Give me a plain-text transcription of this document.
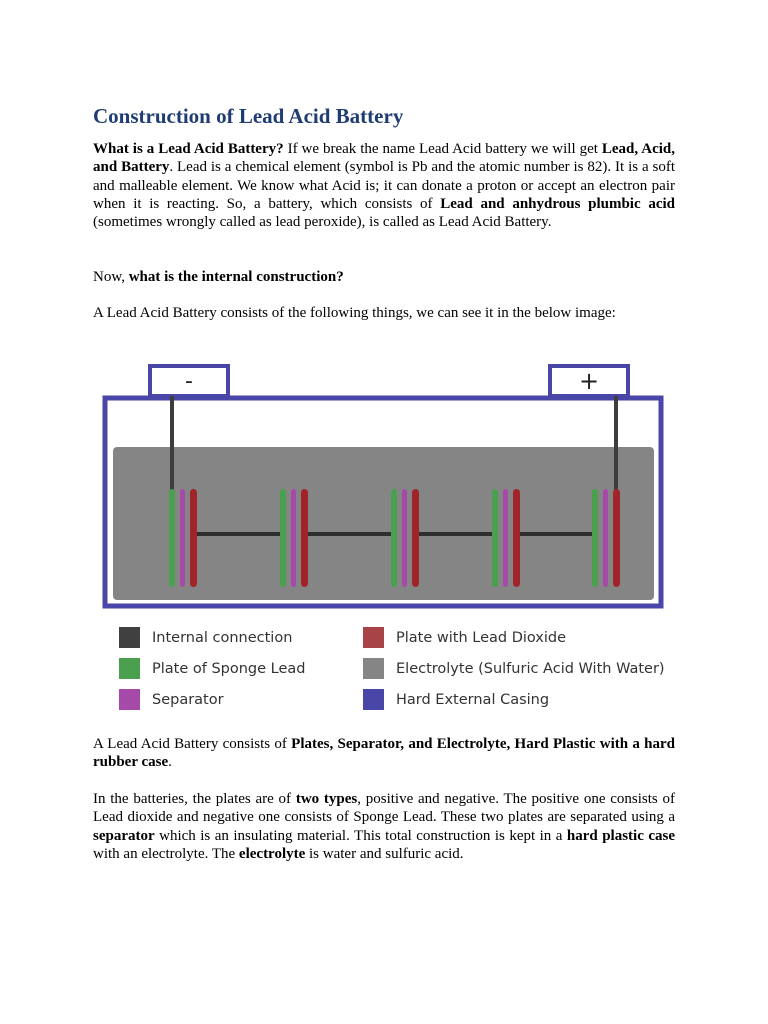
Construction of Lead Acid Battery

What is a Lead Acid Battery? If we break the name Lead Acid battery we will get Lead, Acid, and Battery. Lead is a chemical element (symbol is Pb and the atomic number is 82). It is a soft and malleable element. We know what Acid is; it can donate a proton or accept an electron pair when it is reacting. So, a battery, which consists of Lead and anhydrous plumbic acid (sometimes wrongly called as lead peroxide), is called as Lead Acid Battery.

Now, what is the internal construction?

A Lead Acid Battery consists of the following things, we can see it in the below image:

-	+
Internal connection	Plate with Lead Dioxide
Plate of Sponge Lead	Electrolyte (Sulfuric Acid With Water)
Separator	Hard External Casing

A Lead Acid Battery consists of Plates, Separator, and Electrolyte, Hard Plastic with a hard rubber case.

In the batteries, the plates are of two types, positive and negative. The positive one consists of Lead dioxide and negative one consists of Sponge Lead. These two plates are separated using a separator which is an insulating material. This total construction is kept in a hard plastic case with an electrolyte. The electrolyte is water and sulfuric acid.
